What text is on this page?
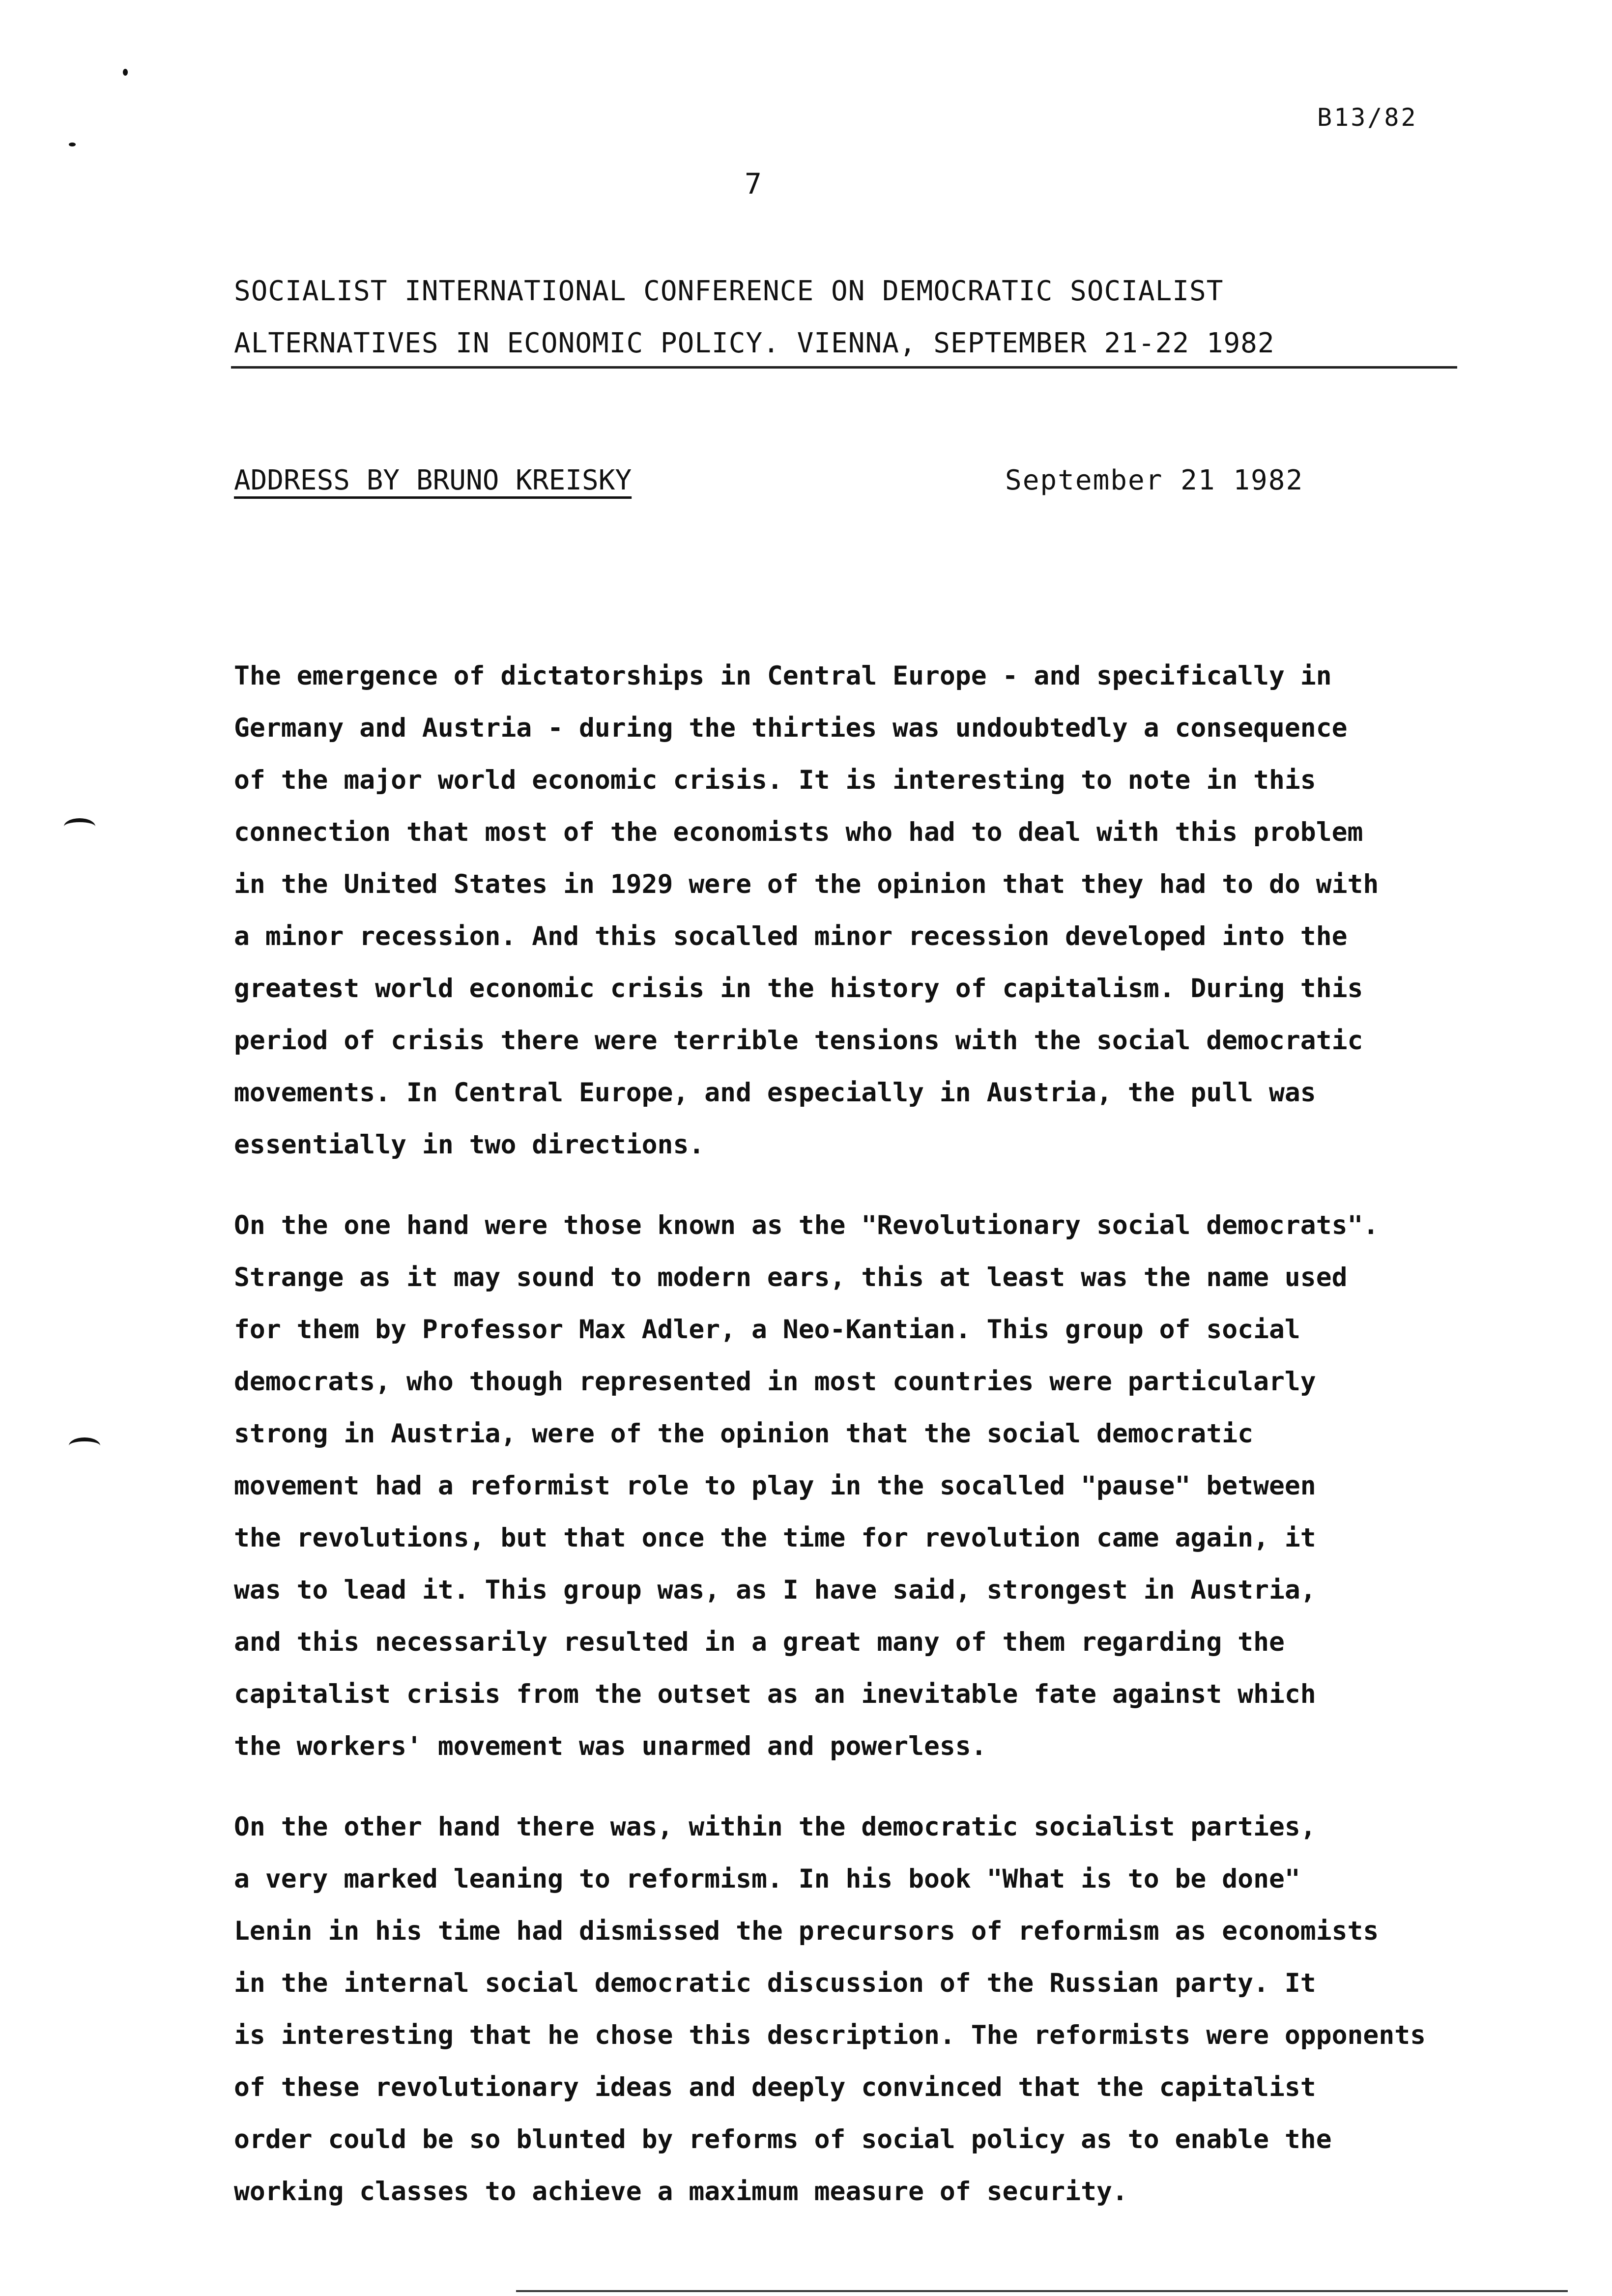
B13/82
7
SOCIALIST INTERNATIONAL CONFERENCE ON DEMOCRATIC SOCIALIST
ALTERNATIVES IN ECONOMIC POLICY. VIENNA, SEPTEMBER 21-22 1982
ADDRESS BY BRUNO KREISKY	September 21 1982
The emergence of dictatorships in Central Europe - and specifically in
Germany and Austria - during the thirties was undoubtedly a consequence
of the major world economic crisis. It is interesting to note in this
connection that most of the economists who had to deal with this problem
in the United States in 1929 were of the opinion that they had to do with
a minor recession. And this socalled minor recession developed into the
greatest world economic crisis in the history of capitalism. During this
period of crisis there were terrible tensions with the social democratic
movements. In Central Europe, and especially in Austria, the pull was
essentially in two directions.
On the one hand were those known as the "Revolutionary social democrats".
Strange as it may sound to modern ears, this at least was the name used
for them by Professor Max Adler, a Neo-Kantian. This group of social
democrats, who though represented in most countries were particularly
strong in Austria, were of the opinion that the social democratic
movement had a reformist role to play in the socalled "pause" between
the revolutions, but that once the time for revolution came again, it
was to lead it. This group was, as I have said, strongest in Austria,
and this necessarily resulted in a great many of them regarding the
capitalist crisis from the outset as an inevitable fate against which
the workers' movement was unarmed and powerless.
On the other hand there was, within the democratic socialist parties,
a very marked leaning to reformism. In his book "What is to be done"
Lenin in his time had dismissed the precursors of reformism as economists
in the internal social democratic discussion of the Russian party. It
is interesting that he chose this description. The reformists were opponents
of these revolutionary ideas and deeply convinced that the capitalist
order could be so blunted by reforms of social policy as to enable the
working classes to achieve a maximum measure of security.
